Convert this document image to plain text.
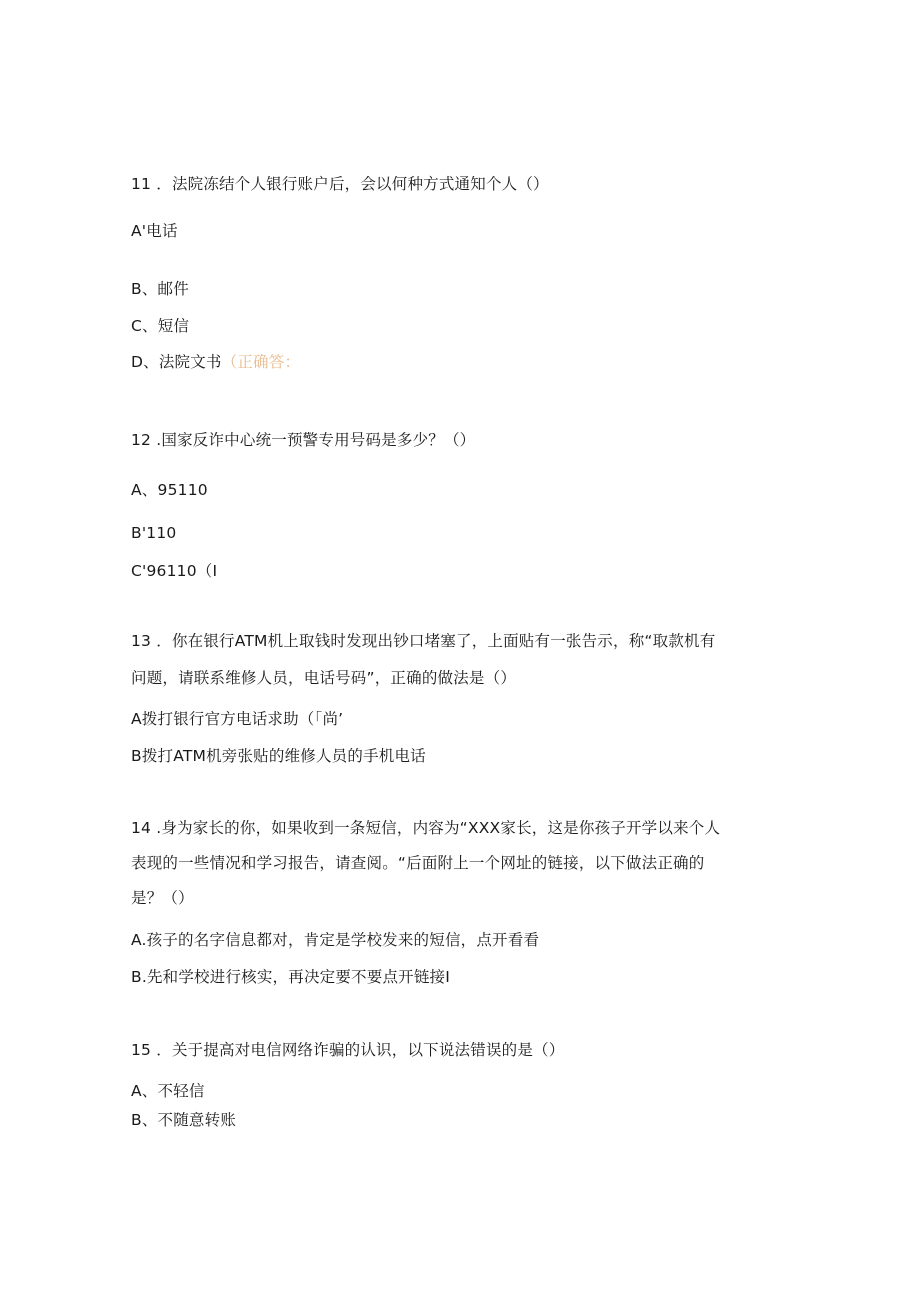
11 ．法院冻结个人银行账户后，会以何种方式通知个人（）
A'电话
B、邮件
C、短信
D、法院文书（正确答：
12 .国家反诈中心统一预警专用号码是多少？（）
A、95110
B'110
C'96110（I
13 ．你在银行ATM机上取钱时发现出钞口堵塞了，上面贴有一张告示，称“取款机有
问题，请联系维修人员，电话号码”，正确的做法是（）
A拨打银行官方电话求助（「尚’
B拨打ATM机旁张贴的维修人员的手机电话
14 .身为家长的你，如果收到一条短信，内容为“XXX家长，这是你孩子开学以来个人
表现的一些情况和学习报告，请查阅。“后面附上一个网址的链接，以下做法正确的
是？（）
A.孩子的名字信息都对，肯定是学校发来的短信，点开看看
B.先和学校进行核实，再决定要不要点开链接I
15 ．关于提高对电信网络诈骗的认识，以下说法错误的是（）
A、不轻信
B、不随意转账
